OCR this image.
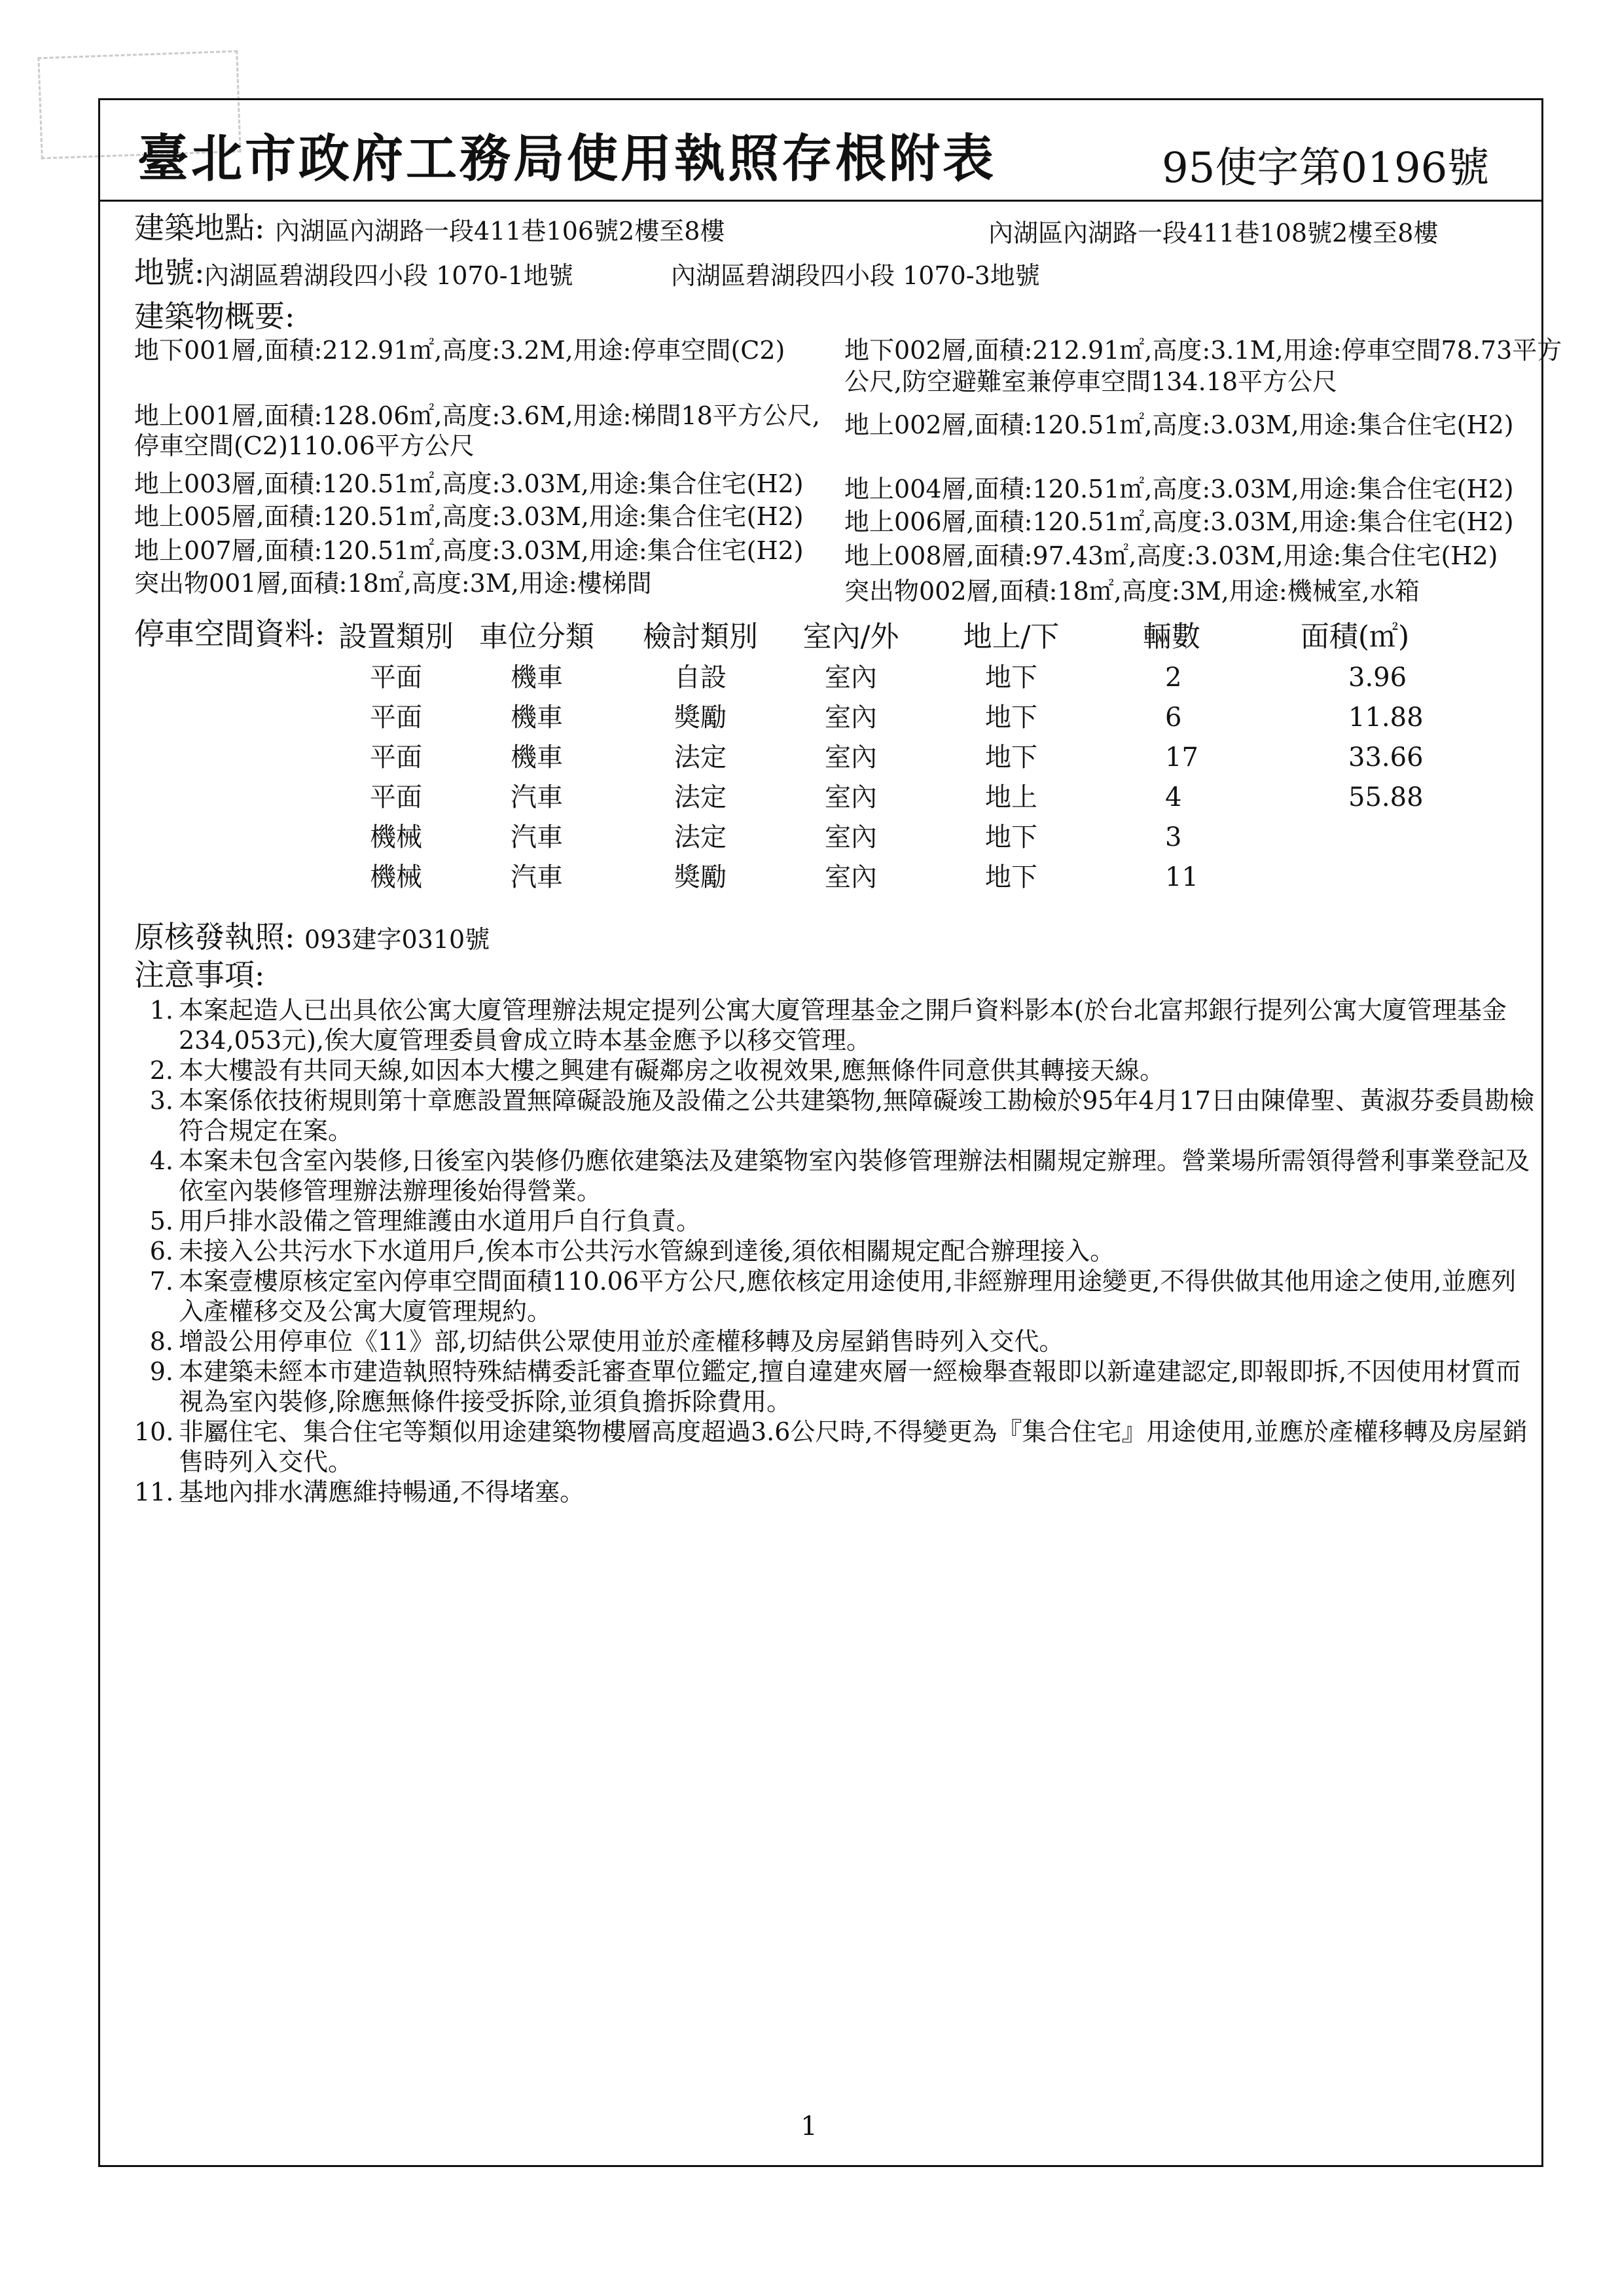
臺北市政府工務局使用執照存根附表	95使字第0196號
建築地點: 內湖區內湖路一段411巷106號2樓至8樓	內湖區內湖路一段411巷108號2樓至8樓
地號: 內湖區碧湖段四小段 1070-1地號	內湖區碧湖段四小段 1070-3地號
建築物概要:
地下001層,面積:212.91㎡,高度:3.2M,用途:停車空間(C2)
地上001層,面積:128.06㎡,高度:3.6M,用途:梯間18平方公尺,
停車空間(C2)110.06平方公尺
地上003層,面積:120.51㎡,高度:3.03M,用途:集合住宅(H2)
地上005層,面積:120.51㎡,高度:3.03M,用途:集合住宅(H2)
地上007層,面積:120.51㎡,高度:3.03M,用途:集合住宅(H2)
突出物001層,面積:18㎡,高度:3M,用途:樓梯間
地下002層,面積:212.91㎡,高度:3.1M,用途:停車空間78.73平方
公尺,防空避難室兼停車空間134.18平方公尺
地上002層,面積:120.51㎡,高度:3.03M,用途:集合住宅(H2)
地上004層,面積:120.51㎡,高度:3.03M,用途:集合住宅(H2)
地上006層,面積:120.51㎡,高度:3.03M,用途:集合住宅(H2)
地上008層,面積:97.43㎡,高度:3.03M,用途:集合住宅(H2)
突出物002層,面積:18㎡,高度:3M,用途:機械室,水箱
停車空間資料: 設置類別 車位分類 檢討類別	室內/外	地上/下	輛數	面積(㎡)
平面	機車	自設	室內	地下	2	3.96
平面	機車	獎勵	室內	地下	6	11.88
平面	機車	法定	室內	地下	17	33.66
平面	汽車	法定	室內	地上	4	55.88
機械	汽車	法定	室內	地下	3
機械	汽車	獎勵	室內	地下	11
原核發執照: 093建字0310號
注意事項:
1. 本案起造人已出具依公寓大廈管理辦法規定提列公寓大廈管理基金之開戶資料影本(於台北富邦銀行提列公寓大廈管理基金234,053元),俟大廈管理委員會成立時本基金應予以移交管理。
2. 本大樓設有共同天線,如因本大樓之興建有礙鄰房之收視效果,應無條件同意供其轉接天線。
3. 本案係依技術規則第十章應設置無障礙設施及設備之公共建築物,無障礙竣工勘檢於95年4月17日由陳偉聖、黃淑芬委員勘檢符合規定在案。
4. 本案未包含室內裝修,日後室內裝修仍應依建築法及建築物室內裝修管理辦法相關規定辦理。營業場所需領得營利事業登記及依室內裝修管理辦法辦理後始得營業。
5. 用戶排水設備之管理維護由水道用戶自行負責。
6. 未接入公共污水下水道用戶,俟本市公共污水管線到達後,須依相關規定配合辦理接入。
7. 本案壹樓原核定室內停車空間面積110.06平方公尺,應依核定用途使用,非經辦理用途變更,不得供做其他用途之使用,並應列入產權移交及公寓大廈管理規約。
8. 增設公用停車位《11》部,切結供公眾使用並於產權移轉及房屋銷售時列入交代。
9. 本建築未經本市建造執照特殊結構委託審查單位鑑定,擅自違建夾層一經檢舉查報即以新違建認定,即報即拆,不因使用材質而視為室內裝修,除應無條件接受拆除,並須負擔拆除費用。
10. 非屬住宅、集合住宅等類似用途建築物樓層高度超過3.6公尺時,不得變更為『集合住宅』用途使用,並應於產權移轉及房屋銷售時列入交代。
11. 基地內排水溝應維持暢通,不得堵塞。
1
